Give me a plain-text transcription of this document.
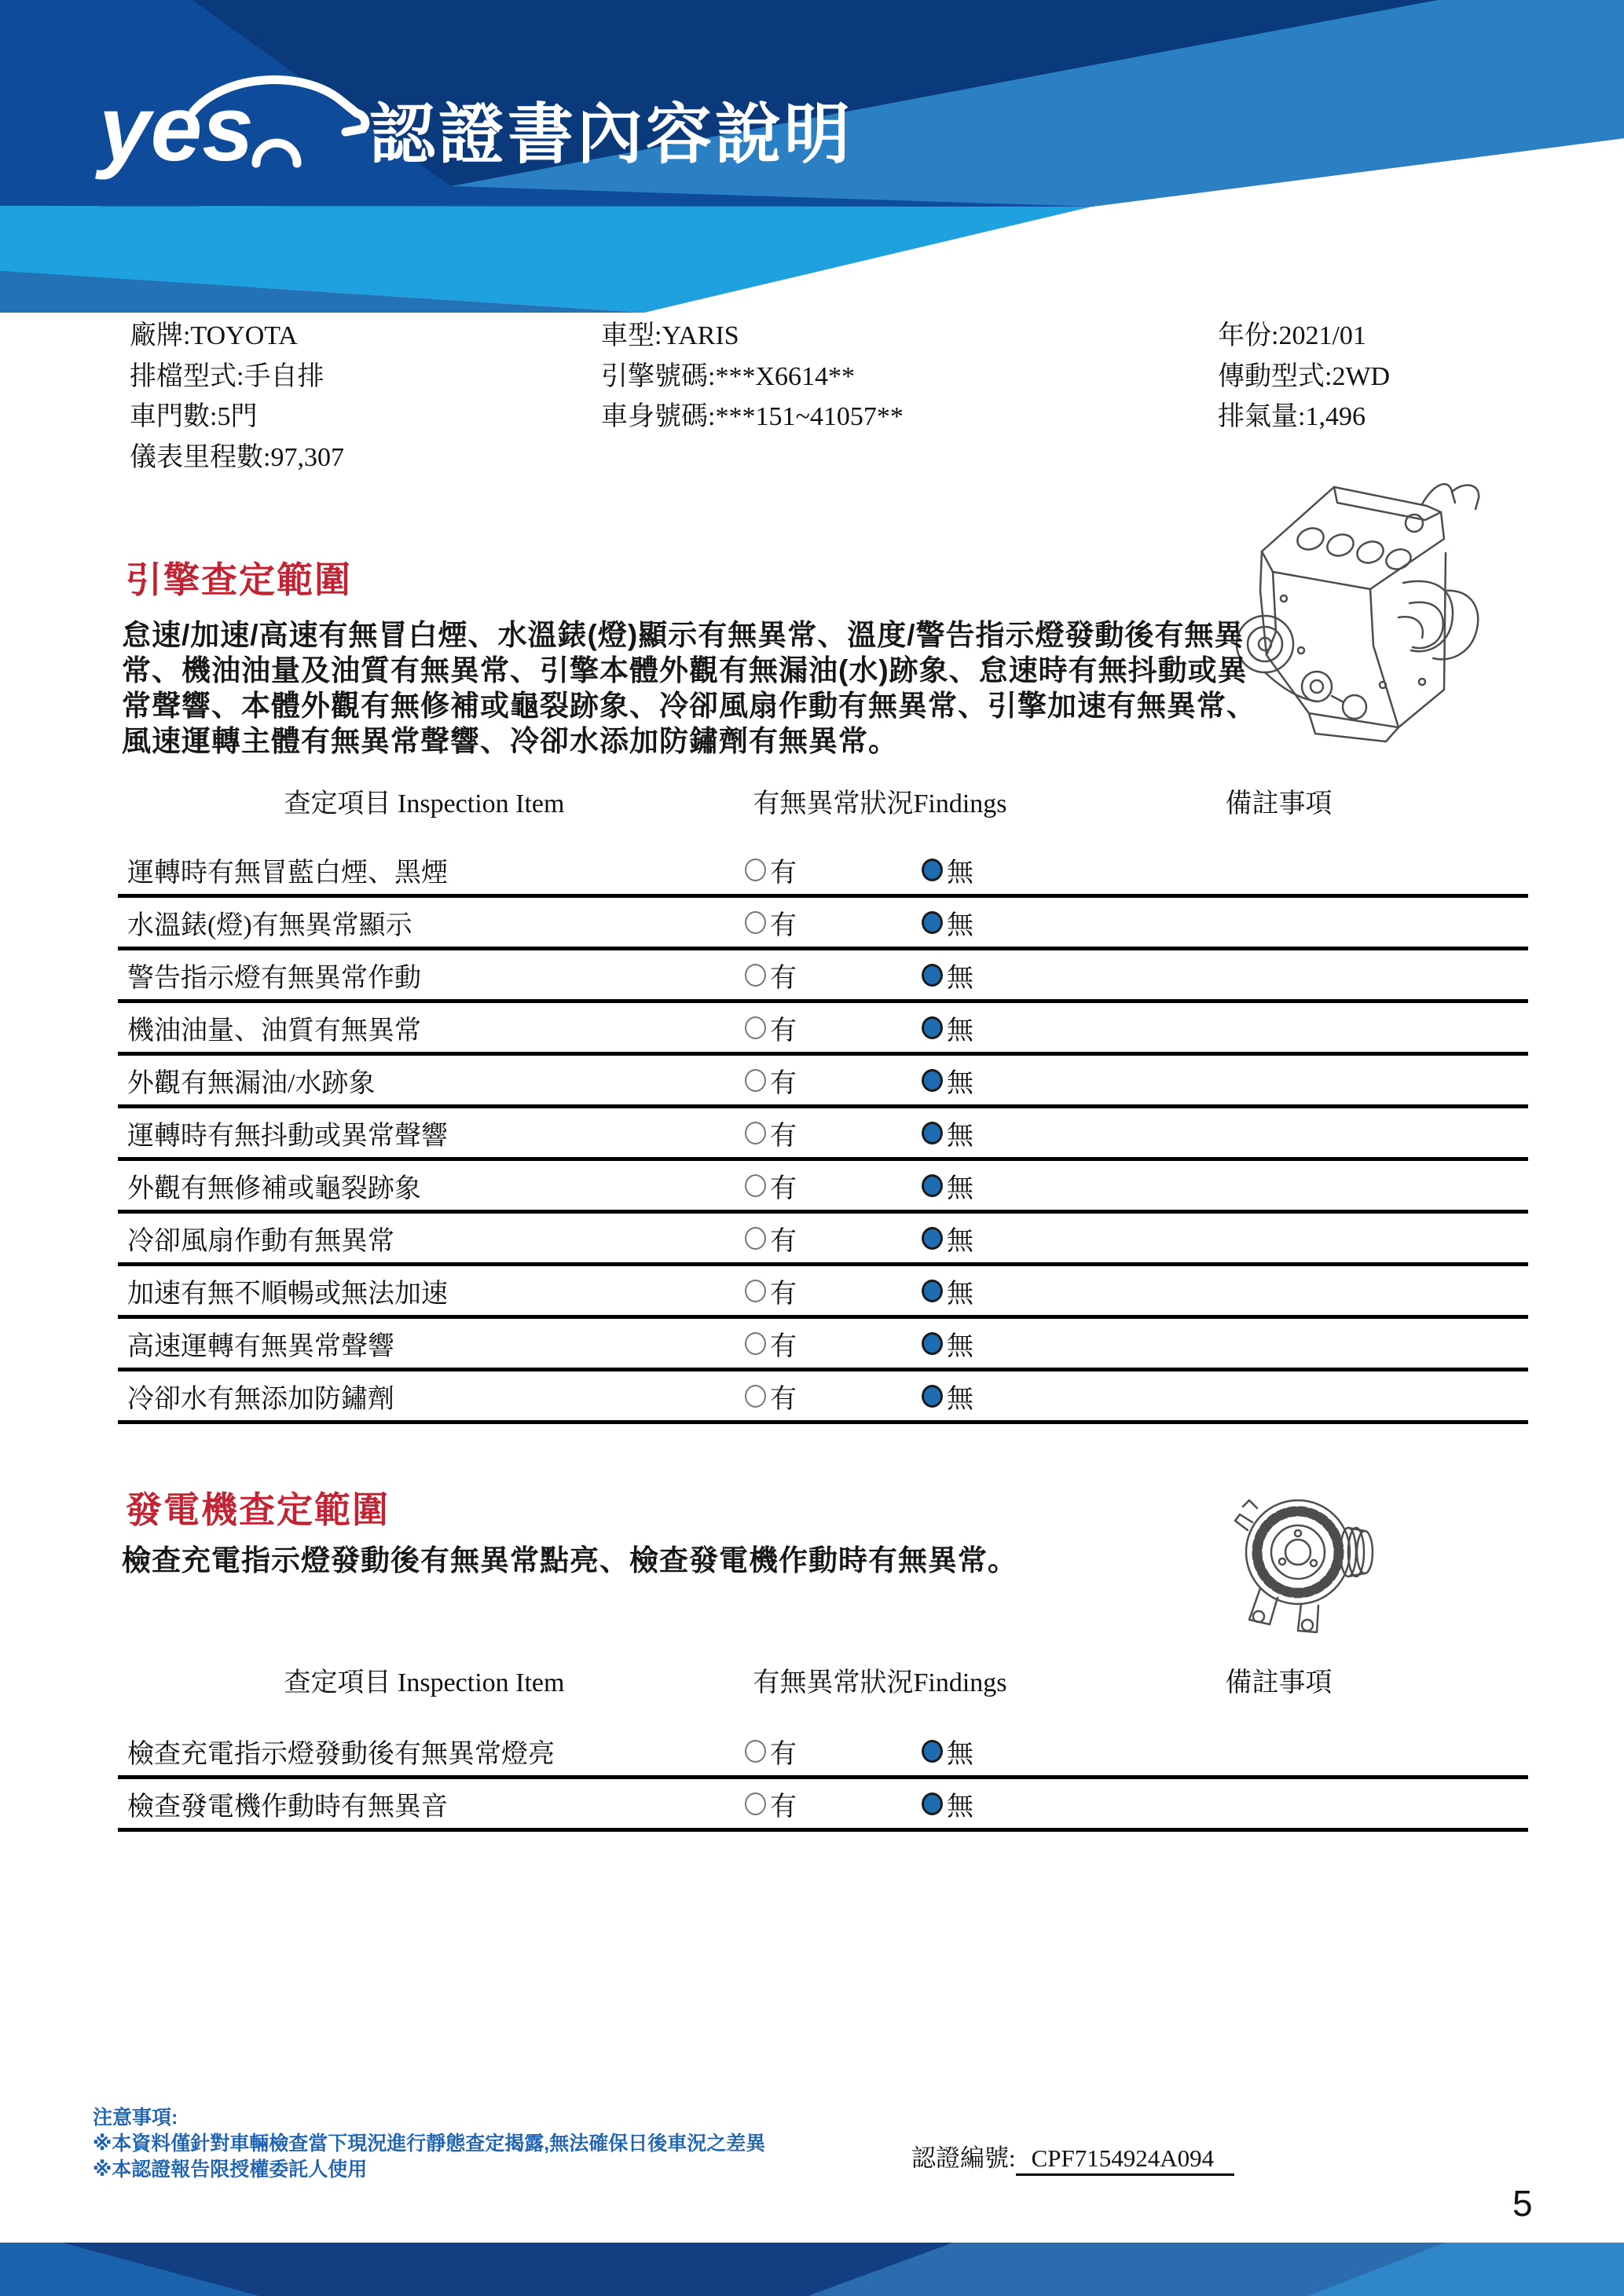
yes 認證書內容說明
廠牌:TOYOTA
排檔型式:手自排
車門數:5門
儀表里程數:97,307
車型:YARIS
引擎號碼:***X6614**
車身號碼:***151~41057**
年份:2021/01
傳動型式:2WD
排氣量:1,496
引擎查定範圍

怠速/加速/高速有無冒白煙、水溫錶(燈)顯示有無異常、溫度/警告指示燈發動後有無異常、機油油量及油質有無異常、引擎本體外觀有無漏油(水)跡象、怠速時有無抖動或異常聲響、本體外觀有無修補或龜裂跡象、冷卻風扇作動有無異常、引擎加速有無異常、風速運轉主體有無異常聲響、冷卻水添加防鏽劑有無異常。

查定項目 Inspection Item	有無異常狀況Findings	備註事項
運轉時有無冒藍白煙、黑煙	有	無
水溫錶(燈)有無異常顯示	有	無
警告指示燈有無異常作動	有	無
機油油量、油質有無異常	有	無
外觀有無漏油/水跡象	有	無
運轉時有無抖動或異常聲響	有	無
外觀有無修補或龜裂跡象	有	無
冷卻風扇作動有無異常	有	無
加速有無不順暢或無法加速	有	無
高速運轉有無異常聲響	有	無
冷卻水有無添加防鏽劑	有	無
發電機查定範圍

檢查充電指示燈發動後有無異常點亮、檢查發電機作動時有無異常。

查定項目 Inspection Item	有無異常狀況Findings	備註事項
檢查充電指示燈發動後有無異常燈亮	有	無
檢查發電機作動時有無異音	有	無
注意事項:
※本資料僅針對車輛檢查當下現況進行靜態查定揭露,無法確保日後車況之差異
※本認證報告限授權委託人使用	認證編號: CPF7154924A094
5
